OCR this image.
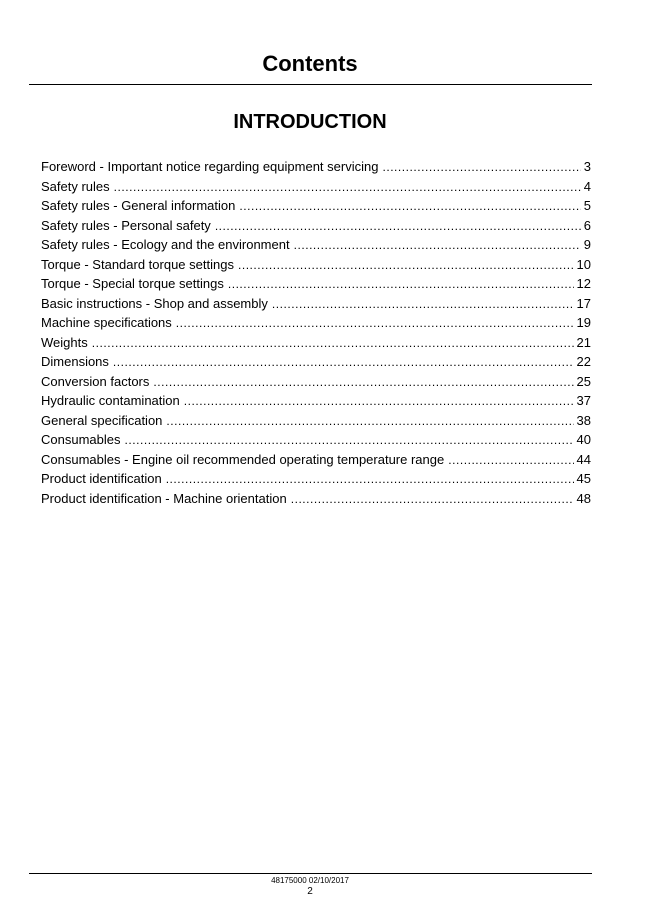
Contents
INTRODUCTION
Foreword - Important notice regarding equipment servicing . . .	3
Safety rules . . .	4
Safety rules - General information . . .	5
Safety rules - Personal safety . . .	6
Safety rules - Ecology and the environment . . .	9
Torque - Standard torque settings . . .	10
Torque - Special torque settings . . .	12
Basic instructions - Shop and assembly . . .	17
Machine specifications . . .	19
Weights . . .	21
Dimensions . . .	22
Conversion factors . . .	25
Hydraulic contamination . . .	37
General specification . . .	38
Consumables . . .	40
Consumables - Engine oil recommended operating temperature range . . .	44
Product identification . . .	45
Product identification - Machine orientation . . .	48
48175000 02/10/2017
2
